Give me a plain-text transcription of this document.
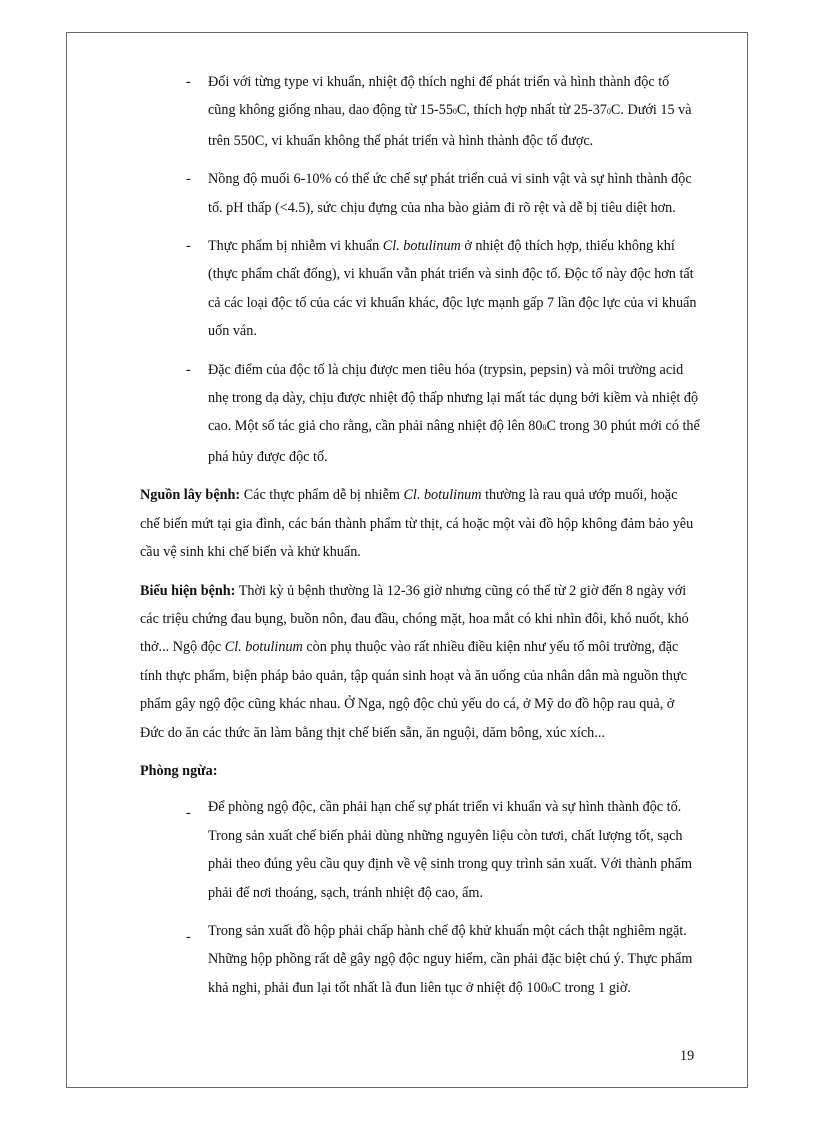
- Đối với từng type vi khuẩn, nhiệt độ thích nghi để phát triển và hình thành độc tố cũng không giống nhau, dao động từ 15-550C, thích hợp nhất từ 25-370C. Dưới 15 và trên 550C, vi khuẩn không thể phát triển và hình thành độc tố được.
- Nồng độ muối 6-10% có thể ức chế sự phát triển cuả vi sinh vật và sự hình thành độc tố. pH thấp (<4.5), sức chịu đựng của nha bào giảm đi rõ rệt và dễ bị tiêu diệt hơn.
- Thực phẩm bị nhiễm vi khuẩn Cl. botulinum ở nhiệt độ thích hợp, thiếu không khí (thực phẩm chất đống), vi khuẩn vẫn phát triển và sinh độc tố. Độc tố này độc hơn tất cả các loại độc tố của các vi khuẩn khác, độc lực mạnh gấp 7 lần độc lực của vi khuẩn uốn ván.
- Đặc điểm của độc tố là chịu được men tiêu hóa (trypsin, pepsin) và môi trường acid nhẹ trong dạ dày, chịu được nhiệt độ thấp nhưng lại mất tác dụng bởi kiềm và nhiệt độ cao. Một số tác giả cho rằng, cần phải nâng nhiệt độ lên 800C trong 30 phút mới có thể phá hủy được độc tố.

Nguồn lây bệnh: Các thực phẩm dễ bị nhiễm Cl. botulinum thường là rau quả ướp muối, hoặc chế biến mứt tại gia đình, các bán thành phẩm từ thịt, cá hoặc một vài đồ hộp không đảm bảo yêu cầu vệ sinh khi chế biến và khử khuẩn.

Biểu hiện bệnh: Thời kỳ ủ bệnh thường là 12-36 giờ nhưng cũng có thể từ 2 giờ đến 8 ngày với các triệu chứng đau bụng, buồn nôn, đau đầu, chóng mặt, hoa mắt có khi nhìn đôi, khó nuốt, khó thở... Ngộ độc Cl. botulinum còn phụ thuộc vào rất nhiều điều kiện như yếu tố môi trường, đặc tính thực phẩm, biện pháp bảo quản, tập quán sinh hoạt và ăn uống của nhân dân mà nguồn thực phẩm gây ngộ độc cũng khác nhau. Ở Nga, ngộ độc chủ yếu do cá, ở Mỹ do đồ hộp rau quả, ở Đức do ăn các thức ăn làm bằng thịt chế biến sẵn, ăn nguội, dăm bông, xúc xích...

Phòng ngừa:
- Để phòng ngộ độc, cần phải hạn chế sự phát triển vi khuẩn và sự hình thành độc tố. Trong sản xuất chế biến phải dùng những nguyên liệu còn tươi, chất lượng tốt, sạch phải theo đúng yêu cầu quy định về vệ sinh trong quy trình sản xuất. Với thành phẩm phải để nơi thoáng, sạch, tránh nhiệt độ cao, ẩm.
- Trong sản xuất đồ hộp phải chấp hành chế độ khử khuẩn một cách thật nghiêm ngặt. Những hộp phồng rất dễ gây ngộ độc nguy hiểm, cần phải đặc biệt chú ý. Thực phẩm khả nghi, phải đun lại tốt nhất là đun liên tục ở nhiệt độ 1000C trong 1 giờ.
19
